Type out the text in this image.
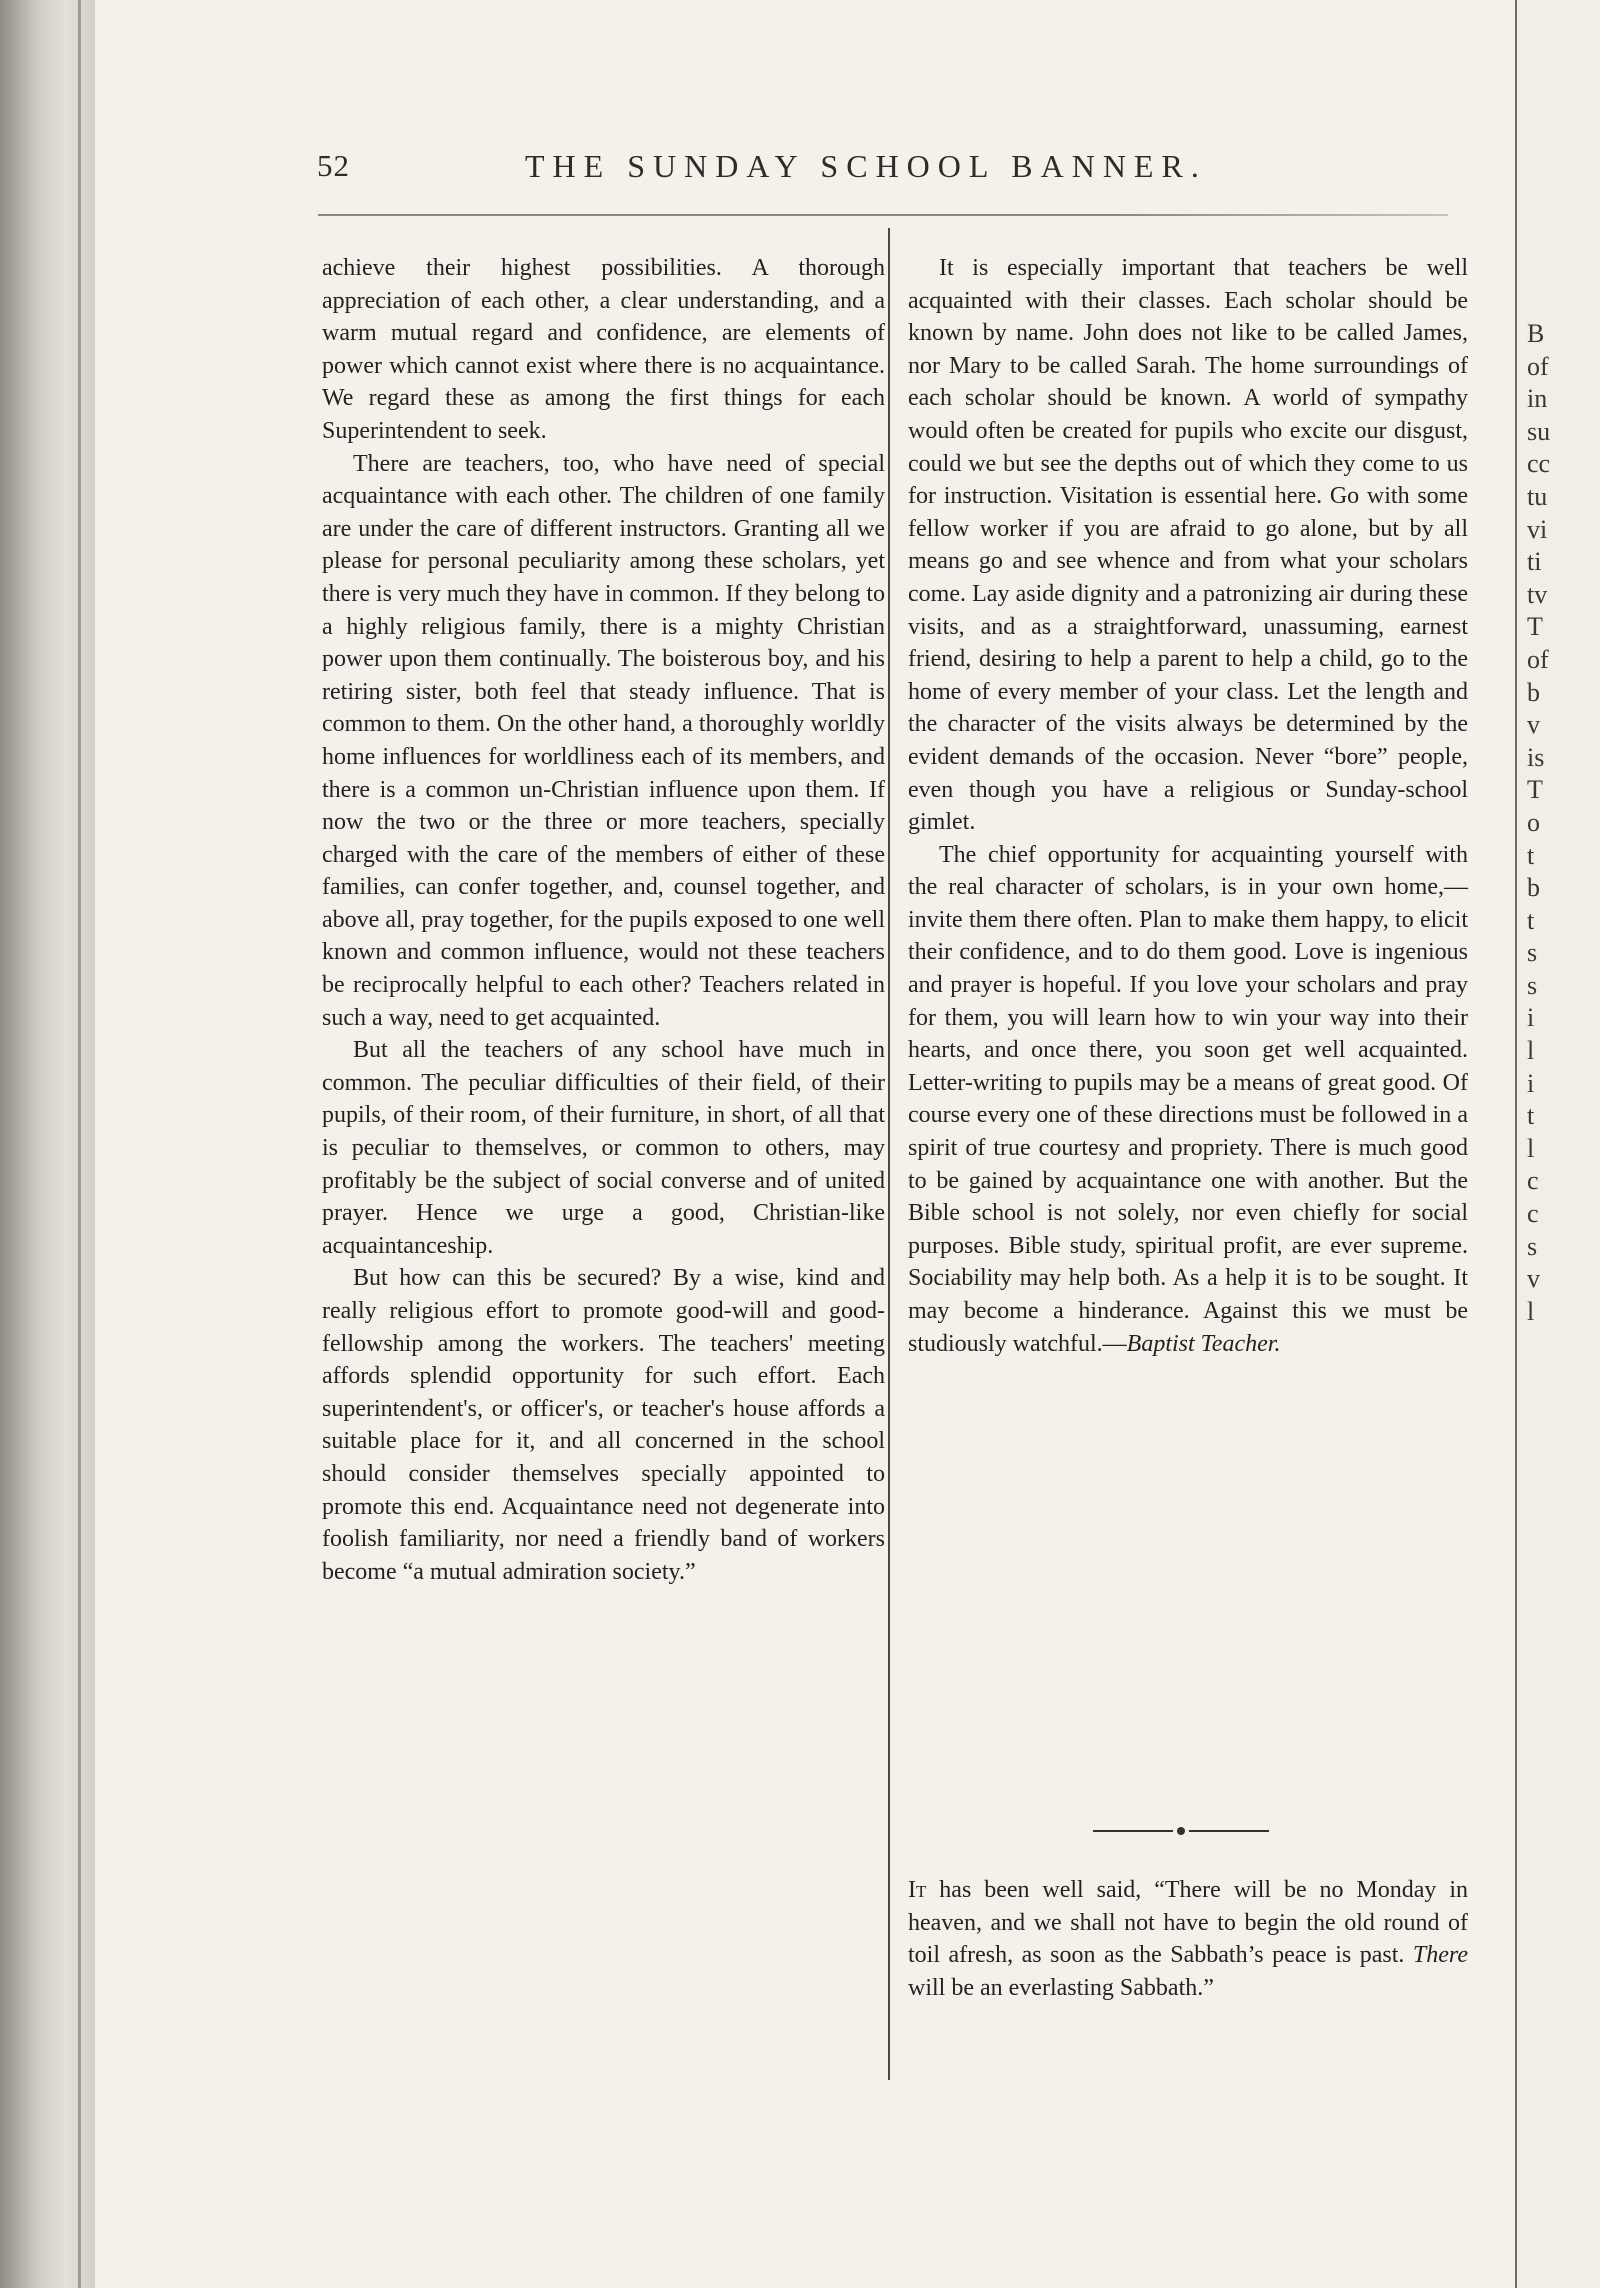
B
of
in
su
cc
tu
vi
ti
tv
T
of
b
v
is
T
o
t
b
t
s
s
i
l
i
t
l
c
c
s
v
l
52	THE SUNDAY SCHOOL BANNER.

achieve their highest possibilities. A thorough appreciation of each other, a clear understanding, and a warm mutual regard and confidence, are elements of power which cannot exist where there is no acquaintance. We regard these as among the first things for each Superintendent to seek.

There are teachers, too, who have need of special acquaintance with each other. The children of one family are under the care of different instructors. Granting all we please for personal peculiarity among these scholars, yet there is very much they have in common. If they belong to a highly religious family, there is a mighty Christian power upon them continually. The boisterous boy, and his retiring sister, both feel that steady influence. That is common to them. On the other hand, a thoroughly worldly home influences for worldliness each of its members, and there is a common un-Christian influence upon them. If now the two or the three or more teachers, specially charged with the care of the members of either of these families, can confer together, and, counsel together, and above all, pray together, for the pupils exposed to one well known and common influence, would not these teachers be reciprocally helpful to each other? Teachers related in such a way, need to get acquainted.

But all the teachers of any school have much in common. The peculiar difficulties of their field, of their pupils, of their room, of their furniture, in short, of all that is peculiar to themselves, or common to others, may profitably be the subject of social converse and of united prayer. Hence we urge a good, Christian-like acquaintanceship.

But how can this be secured? By a wise, kind and really religious effort to promote good-will and good-fellowship among the workers. The teachers' meeting affords splendid opportunity for such effort. Each superintendent's, or officer's, or teacher's house affords a suitable place for it, and all concerned in the school should consider themselves specially appointed to promote this end. Acquaintance need not degenerate into foolish familiarity, nor need a friendly band of workers become “a mutual admiration society.”

It is especially important that teachers be well acquainted with their classes. Each scholar should be known by name. John does not like to be called James, nor Mary to be called Sarah. The home surroundings of each scholar should be known. A world of sympathy would often be created for pupils who excite our disgust, could we but see the depths out of which they come to us for instruction. Visitation is essential here. Go with some fellow worker if you are afraid to go alone, but by all means go and see whence and from what your scholars come. Lay aside dignity and a patronizing air during these visits, and as a straightforward, unassuming, earnest friend, desiring to help a parent to help a child, go to the home of every member of your class. Let the length and the character of the visits always be determined by the evident demands of the occasion. Never “bore” people, even though you have a religious or Sunday-school gimlet.

The chief opportunity for acquainting yourself with the real character of scholars, is in your own home,—invite them there often. Plan to make them happy, to elicit their confidence, and to do them good. Love is ingenious and prayer is hopeful. If you love your scholars and pray for them, you will learn how to win your way into their hearts, and once there, you soon get well acquainted. Letter-writing to pupils may be a means of great good. Of course every one of these directions must be followed in a spirit of true courtesy and propriety. There is much good to be gained by acquaintance one with another. But the Bible school is not solely, nor even chiefly for social purposes. Bible study, spiritual profit, are ever supreme. Sociability may help both. As a help it is to be sought. It may become a hinderance. Against this we must be studiously watchful.—Baptist Teacher.

It has been well said, “There will be no Monday in heaven, and we shall not have to begin the old round of toil afresh, as soon as the Sabbath’s peace is past. There will be an everlasting Sabbath.”
